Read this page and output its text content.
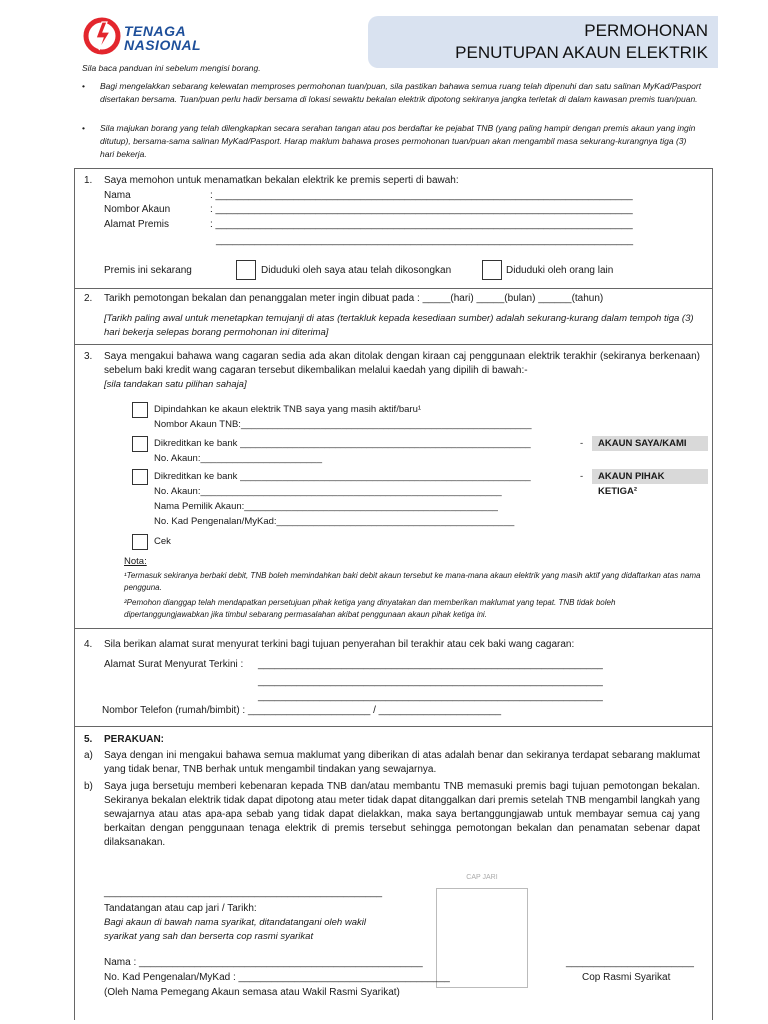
TENAGA
NASIONAL
PERMOHONAN
PENUTUPAN AKAUN ELEKTRIK
Sila baca panduan ini sebelum mengisi borang.
• Bagi mengelakkan sebarang kelewatan memproses permohonan tuan/puan, sila pastikan bahawa semua ruang telah dipenuhi dan satu salinan MyKad/Pasport disertakan bersama. Tuan/puan perlu hadir bersama di lokasi sewaktu bekalan elektrik dipotong sekiranya jangka terletak di dalam kawasan premis tuan/puan.
• Sila majukan borang yang telah dilengkapkan secara serahan tangan atau pos berdaftar ke pejabat TNB (yang paling hampir dengan premis akaun yang ingin ditutup), bersama-sama salinan MyKad/Pasport. Harap maklum bahawa proses permohonan tuan/puan akan mengambil masa sekurang-kurangnya tiga (3) hari bekerja.
1. Saya memohon untuk menamatkan bekalan elektrik ke premis seperti di bawah:
Nama	: ___________________________________________________________________________
Nombor Akaun	: ___________________________________________________________________________
Alamat Premis	: ___________________________________________________________________________
___________________________________________________________________________
Premis ini sekarang	Diduduki oleh saya atau telah dikosongkan	Diduduki oleh orang lain
2. Tarikh pemotongan bekalan dan penanggalan meter ingin dibuat pada : _____(hari) _____(bulan) ______(tahun)
[Tarikh paling awal untuk menetapkan temujanji di atas (tertakluk kepada kesediaan sumber) adalah sekurang-kurang dalam tempoh tiga (3) hari bekerja selepas borang permohonan ini diterima]
3. Saya mengakui bahawa wang cagaran sedia ada akan ditolak dengan kiraan caj penggunaan elektrik terakhir (sekiranya berkenaan) sebelum baki kredit wang cagaran tersebut dikembalikan melalui kaedah yang dipilih di bawah:-
[sila tandakan satu pilihan sahaja]
Dipindahkan ke akaun elektrik TNB saya yang masih aktif/baru¹
Nombor Akaun TNB:_______________________________________________________
Dikreditkan ke bank _______________________________________________________	-	AKAUN SAYA/KAMI
No. Akaun:_______________________
Dikreditkan ke bank _______________________________________________________	-	AKAUN PIHAK KETIGA²
No. Akaun:_________________________________________________________
Nama Pemilik Akaun:________________________________________________
No. Kad Pengenalan/MyKad:_____________________________________________
Cek
Nota:
¹Termasuk sekiranya berbaki debit, TNB boleh memindahkan baki debit akaun tersebut ke mana-mana akaun elektrik yang masih aktif yang didaftarkan atas nama pengguna.
²Pemohon dianggap telah mendapatkan persetujuan pihak ketiga yang dinyatakan dan memberikan maklumat yang tepat. TNB tidak boleh dipertanggungjawabkan jika timbul sebarang permasalahan akibat penggunaan akaun pihak ketiga ini.
4. Sila berikan alamat surat menyurat terkini bagi tujuan penyerahan bil terakhir atau cek baki wang cagaran:
Alamat Surat Menyurat Terkini : ______________________________________________________________
______________________________________________________________
______________________________________________________________
Nombor Telefon (rumah/bimbit) : ______________________ / ______________________
5. PERAKUAN:
a) Saya dengan ini mengakui bahawa semua maklumat yang diberikan di atas adalah benar dan sekiranya terdapat sebarang maklumat yang tidak benar, TNB berhak untuk mengambil tindakan yang sewajarnya.
b) Saya juga bersetuju memberi kebenaran kepada TNB dan/atau membantu TNB memasuki premis bagi tujuan pemotongan bekalan. Sekiranya bekalan elektrik tidak dapat dipotong atau meter tidak dapat ditanggalkan dari premis setelah TNB mengambil langkah yang sewajarnya atau atas apa-apa sebab yang tidak dapat dielakkan, maka saya bertanggungjawab untuk membayar semua caj yang berkaitan dengan penggunaan tenaga elektrik di premis tersebut sehingga pemotongan bekalan dan penamatan sebenar dapat dilaksanakan.
__________________________________________________
Tandatangan atau cap jari / Tarikh:
Bagi akaun di bawah nama syarikat, ditandatangani oleh wakil syarikat yang sah dan berserta cop rasmi syarikat
CAP JARI
Nama : ___________________________________________________
No. Kad Pengenalan/MyKad : ______________________________________
(Oleh Nama Pemegang Akaun semasa atau Wakil Rasmi Syarikat)
_______________________
Cop Rasmi Syarikat
